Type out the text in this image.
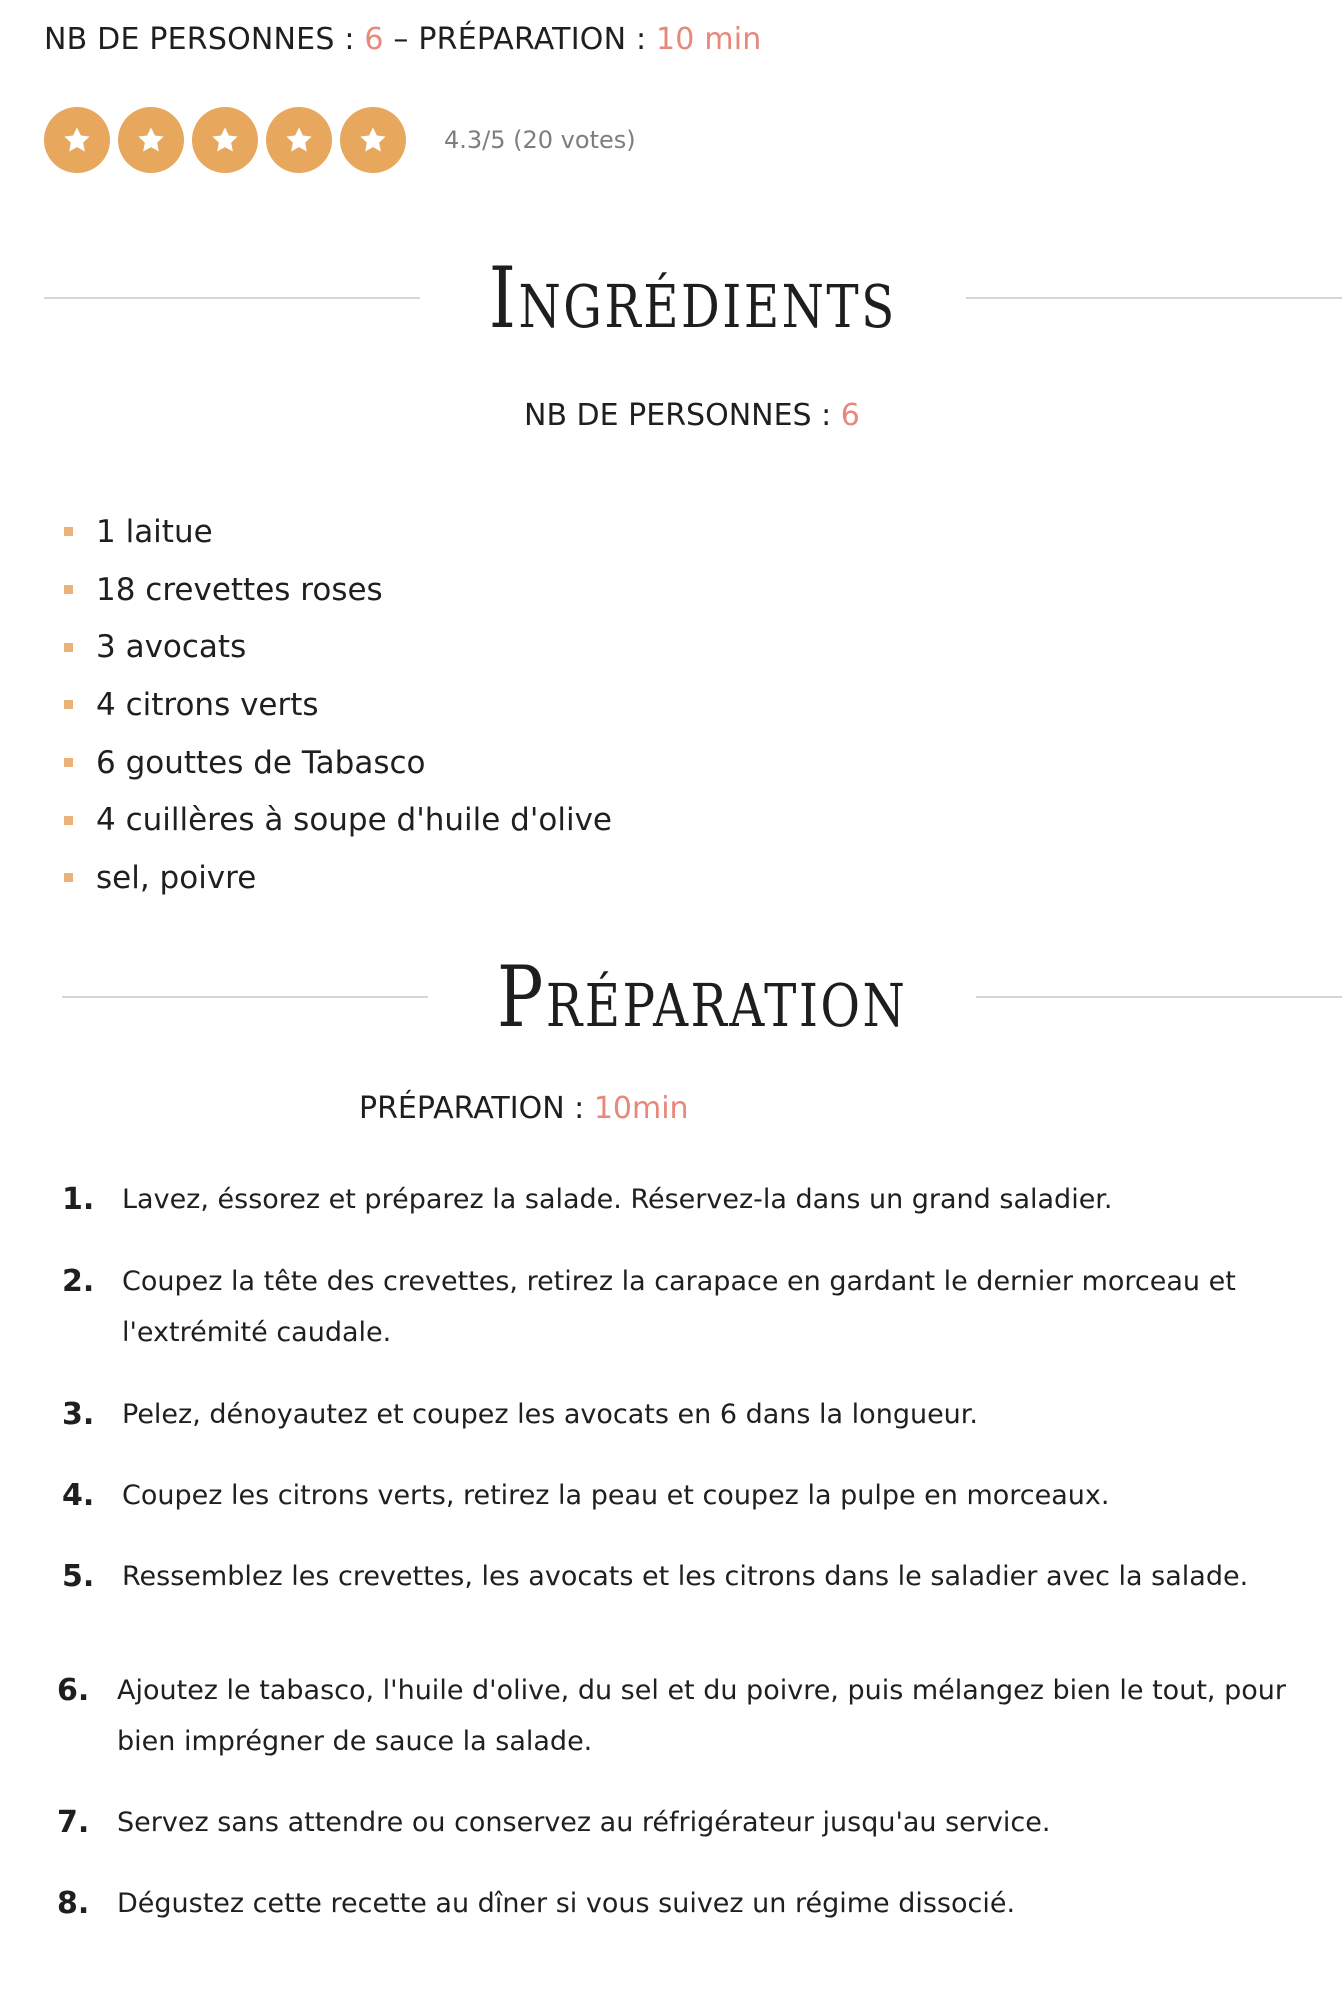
NB DE PERSONNES : 6 – PRÉPARATION : 10 min
4.3/5 (20 votes)
Ingrédients
NB DE PERSONNES : 6
1 laitue
18 crevettes roses
3 avocats
4 citrons verts
6 gouttes de Tabasco
4 cuillères à soupe d'huile d'olive
sel, poivre
Préparation
PRÉPARATION : 10min
1.	Lavez, éssorez et préparez la salade. Réservez-la dans un grand saladier.
2.	Coupez la tête des crevettes, retirez la carapace en gardant le dernier morceau et l'extrémité caudale.
3.	Pelez, dénoyautez et coupez les avocats en 6 dans la longueur.
4.	Coupez les citrons verts, retirez la peau et coupez la pulpe en morceaux.
5.	Ressemblez les crevettes, les avocats et les citrons dans le saladier avec la salade.
6.	Ajoutez le tabasco, l'huile d'olive, du sel et du poivre, puis mélangez bien le tout, pour bien imprégner de sauce la salade.
7.	Servez sans attendre ou conservez au réfrigérateur jusqu'au service.
8.	Dégustez cette recette au dîner si vous suivez un régime dissocié.
